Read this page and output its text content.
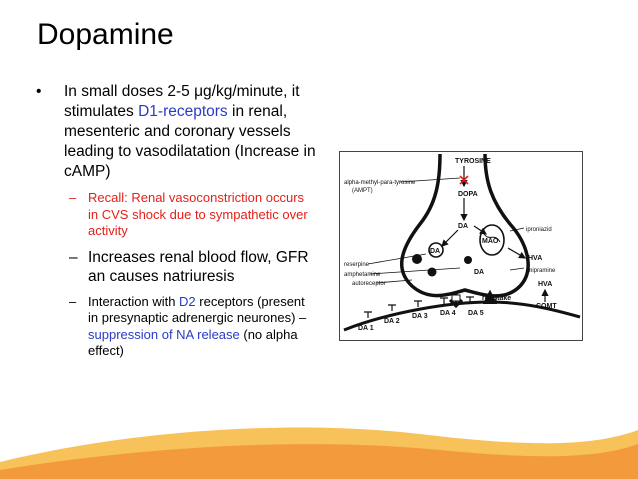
Dopamine
• In small doses 2-5 μg/kg/minute, it stimulates D1-receptors in renal, mesenteric and coronary vessels leading to vasodilatation (Increase in cAMP)
– Recall: Renal vasoconstriction occurs in CVS shock due to sympathetic over activity
– Increases renal blood flow, GFR an causes natriuresis
– Interaction with D2 receptors (present in presynaptic adrenergic neurones) – suppression of NA release (no alpha effect)
TYROSINE
alpha-methyl-para-tyrosine
(AMPT)	DOPA
DA
MAO
DA
DA
iproniazid
HVA
imipramine
HVA
reserpine
amphetamine
autoreceptor
reuptake
COMT
DA 1
DA 2
DA 3 DA 4 DA 5
